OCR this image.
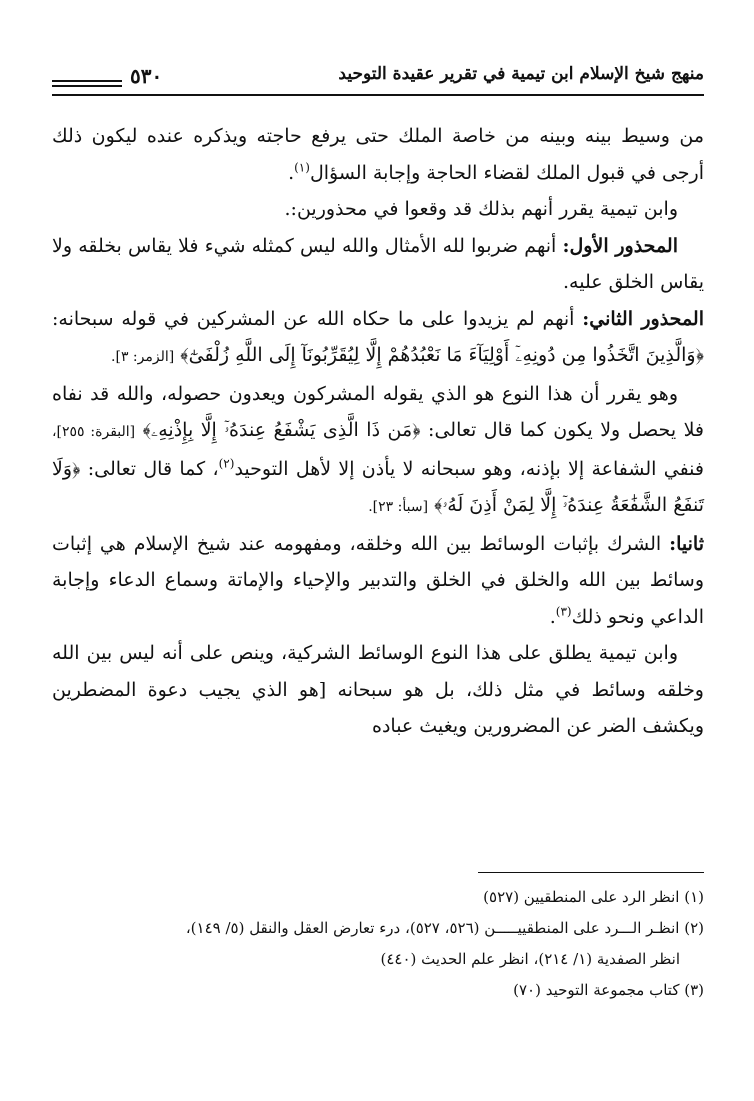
منهج شيخ الإسلام ابن تيمية في تقرير عقيدة التوحيد
٥٣٠

من وسيط بينه وبينه من خاصة الملك حتى يرفع حاجته ويذكره عنده ليكون ذلك أرجى في قبول الملك لقضاء الحاجة وإجابة السؤال$^{(١)}$.

وابن تيمية يقرر أنهم بذلك قد وقعوا في محذورين:.

المحذور الأول: أنهم ضربوا لله الأمثال والله ليس كمثله شيء فلا يقاس بخلقه ولا يقاس الخلق عليه.

المحذور الثاني: أنهم لم يزيدوا على ما حكاه الله عن المشركين في قوله سبحانه: ﴿وَالَّذِينَ اتَّخَذُوا مِن دُونِهِۦٓ أَوْلِيَآءَ مَا نَعْبُدُهُمْ إِلَّا لِيُقَرِّبُونَآ إِلَى اللَّهِ زُلْفَىٰٓ﴾ [الزمر: ٣].

وهو يقرر أن هذا النوع هو الذي يقوله المشركون ويعدون حصوله، والله قد نفاه فلا يحصل ولا يكون كما قال تعالى: ﴿مَن ذَا الَّذِى يَشْفَعُ عِندَهُۥٓ إِلَّا بِإِذْنِهِۦ﴾ [البقرة: ٢٥٥]، فنفي الشفاعة إلا بإذنه، وهو سبحانه لا يأذن إلا لأهل التوحيد$^{(٢)}$، كما قال تعالى: ﴿وَلَا تَنفَعُ الشَّفَٰعَةُ عِندَهُۥٓ إِلَّا لِمَنْ أَذِنَ لَهُۥ﴾ [سبأ: ٢٣].

ثانيا: الشرك بإثبات الوسائط بين الله وخلقه، ومفهومه عند شيخ الإسلام هي إثبات وسائط بين الله والخلق في الخلق والتدبير والإحياء والإماتة وسماع الدعاء وإجابة الداعي ونحو ذلك$^{(٣)}$.

وابن تيمية يطلق على هذا النوع الوسائط الشركية، وينص على أنه ليس بين الله وخلقه وسائط في مثل ذلك، بل هو سبحانه [هو الذي يجيب دعوة المضطرين ويكشف الضر عن المضرورين ويغيث عباده

(١) انظر الرد على المنطقيين (٥٢٧)

(٢) انظـر الـــرد على المنطقييـــــن (٥٢٦، ٥٢٧)، درء تعارض العقل والنقل (٥/ ١٤٩)،

انظر الصفدية (١/ ٢١٤)، انظر علم الحديث (٤٤٠)

(٣) كتاب مجموعة التوحيد (٧٠)
